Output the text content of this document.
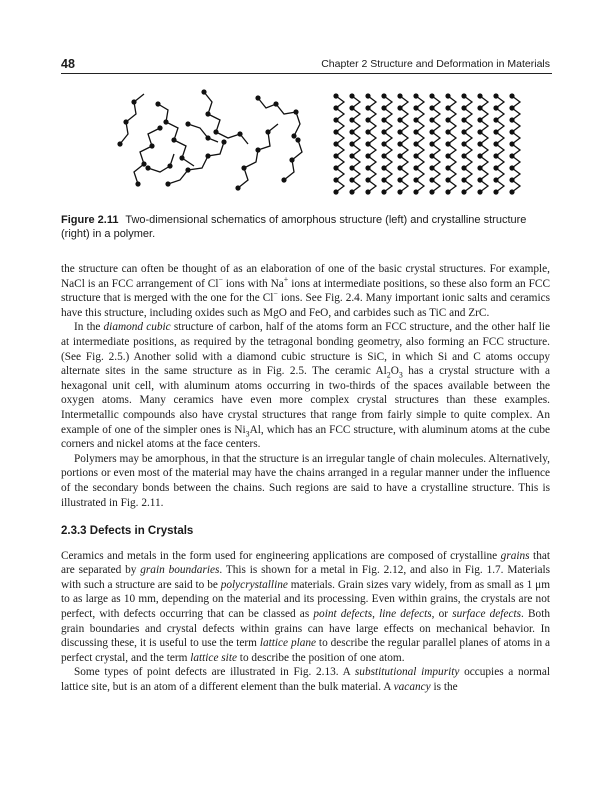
48	Chapter 2 Structure and Deformation in Materials
Figure 2.11 Two-dimensional schematics of amorphous structure (left) and crystalline structure (right) in a polymer.

the structure can often be thought of as an elaboration of one of the basic crystal structures. For example, NaCl is an FCC arrangement of Cl− ions with Na+ ions at intermediate positions, so these also form an FCC structure that is merged with the one for the Cl− ions. See Fig. 2.4. Many important ionic salts and ceramics have this structure, including oxides such as MgO and FeO, and carbides such as TiC and ZrC.

In the diamond cubic structure of carbon, half of the atoms form an FCC structure, and the other half lie at intermediate positions, as required by the tetragonal bonding geometry, also forming an FCC structure. (See Fig. 2.5.) Another solid with a diamond cubic structure is SiC, in which Si and C atoms occupy alternate sites in the same structure as in Fig. 2.5. The ceramic $Al_2O_3$ has a crystal structure with a hexagonal unit cell, with aluminum atoms occurring in two-thirds of the spaces available between the oxygen atoms. Many ceramics have even more complex crystal structures than these examples. Intermetallic compounds also have crystal structures that range from fairly simple to quite complex. An example of one of the simpler ones is $Ni_3Al$, which has an FCC structure, with aluminum atoms at the cube corners and nickel atoms at the face centers.

Polymers may be amorphous, in that the structure is an irregular tangle of chain molecules. Alternatively, portions or even most of the material may have the chains arranged in a regular manner under the influence of the secondary bonds between the chains. Such regions are said to have a crystalline structure. This is illustrated in Fig. 2.11.

2.3.3 Defects in Crystals

Ceramics and metals in the form used for engineering applications are composed of crystalline grains that are separated by grain boundaries. This is shown for a metal in Fig. 2.12, and also in Fig. 1.7. Materials with such a structure are said to be polycrystalline materials. Grain sizes vary widely, from as small as 1 μm to as large as 10 mm, depending on the material and its processing. Even within grains, the crystals are not perfect, with defects occurring that can be classed as point defects, line defects, or surface defects. Both grain boundaries and crystal defects within grains can have large effects on mechanical behavior. In discussing these, it is useful to use the term lattice plane to describe the regular parallel planes of atoms in a perfect crystal, and the term lattice site to describe the position of one atom.

Some types of point defects are illustrated in Fig. 2.13. A substitutional impurity occupies a normal lattice site, but is an atom of a different element than the bulk material. A vacancy is the
